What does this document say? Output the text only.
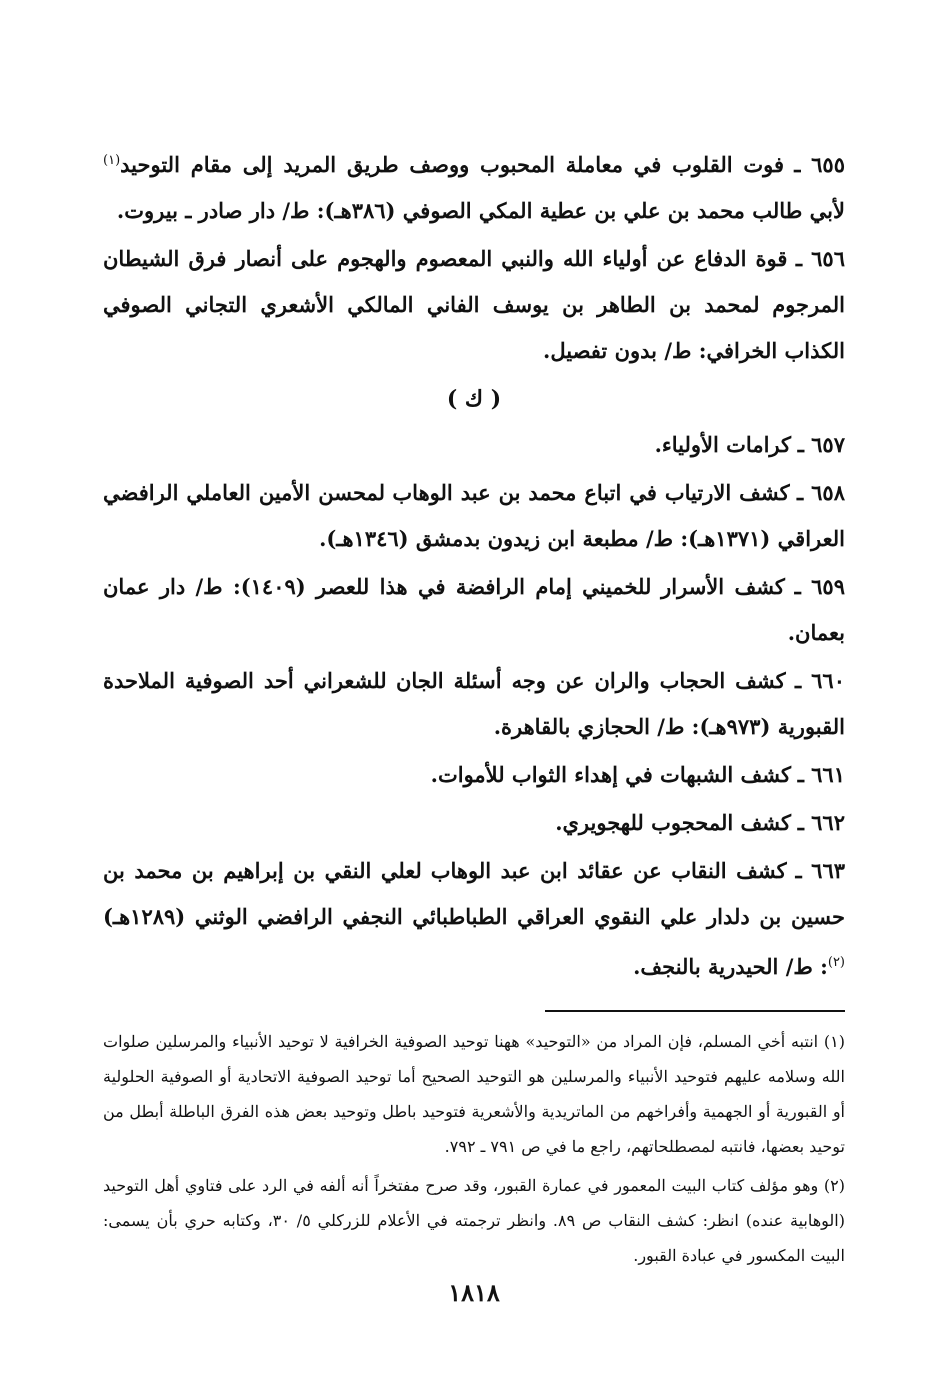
٦٥٥ ـ فوت القلوب في معاملة المحبوب ووصف طريق المريد إلى مقام التوحيد$^{(١)}$ لأبي طالب محمد بن علي بن عطية المكي الصوفي (٣٨٦هـ): ط/ دار صادر ـ بيروت.

٦٥٦ ـ قوة الدفاع عن أولياء الله والنبي المعصوم والهجوم على أنصار فرق الشيطان المرجوم لمحمد بن الطاهر بن يوسف الفاني المالكي الأشعري التجاني الصوفي الكذاب الخرافي: ط/ بدون تفصيل.

( ك )

٦٥٧ ـ كرامات الأولياء.

٦٥٨ ـ كشف الارتياب في اتباع محمد بن عبد الوهاب لمحسن الأمين العاملي الرافضي العراقي (١٣٧١هـ): ط/ مطبعة ابن زيدون بدمشق (١٣٤٦هـ).

٦٥٩ ـ كشف الأسرار للخميني إمام الرافضة في هذا للعصر (١٤٠٩): ط/ دار عمان بعمان.

٦٦٠ ـ كشف الحجاب والران عن وجه أسئلة الجان للشعراني أحد الصوفية الملاحدة القبورية (٩٧٣هـ): ط/ الحجازي بالقاهرة.

٦٦١ ـ كشف الشبهات في إهداء الثواب للأموات.

٦٦٢ ـ كشف المحجوب للهجويري.

٦٦٣ ـ كشف النقاب عن عقائد ابن عبد الوهاب لعلي النقي بن إبراهيم بن محمد بن حسين بن دلدار علي النقوي العراقي الطباطبائي النجفي الرافضي الوثني (١٢٨٩هـ)$^{(٢)}$: ط/ الحيدرية بالنجف.

(١) انتبه أخي المسلم، فإن المراد من «التوحيد» ههنا توحيد الصوفية الخرافية لا توحيد الأنبياء والمرسلين صلوات الله وسلامه عليهم فتوحيد الأنبياء والمرسلين هو التوحيد الصحيح أما توحيد الصوفية الاتحادية أو الصوفية الحلولية أو القبورية أو الجهمية وأفراخهم من الماتريدية والأشعرية فتوحيد باطل وتوحيد بعض هذه الفرق الباطلة أبطل من توحيد بعضها، فانتبه لمصطلحاتهم، راجع ما في ص ٧٩١ ـ ٧٩٢.

(٢) وهو مؤلف كتاب البيت المعمور في عمارة القبور، وقد صرح مفتخراً أنه ألفه في الرد على فتاوي أهل التوحيد (الوهابية عنده) انظر: كشف النقاب ص ٨٩. وانظر ترجمته في الأعلام للزركلي ٥/ ٣٠، وكتابه حري بأن يسمى: البيت المكسور في عبادة القبور.

١٨١٨
